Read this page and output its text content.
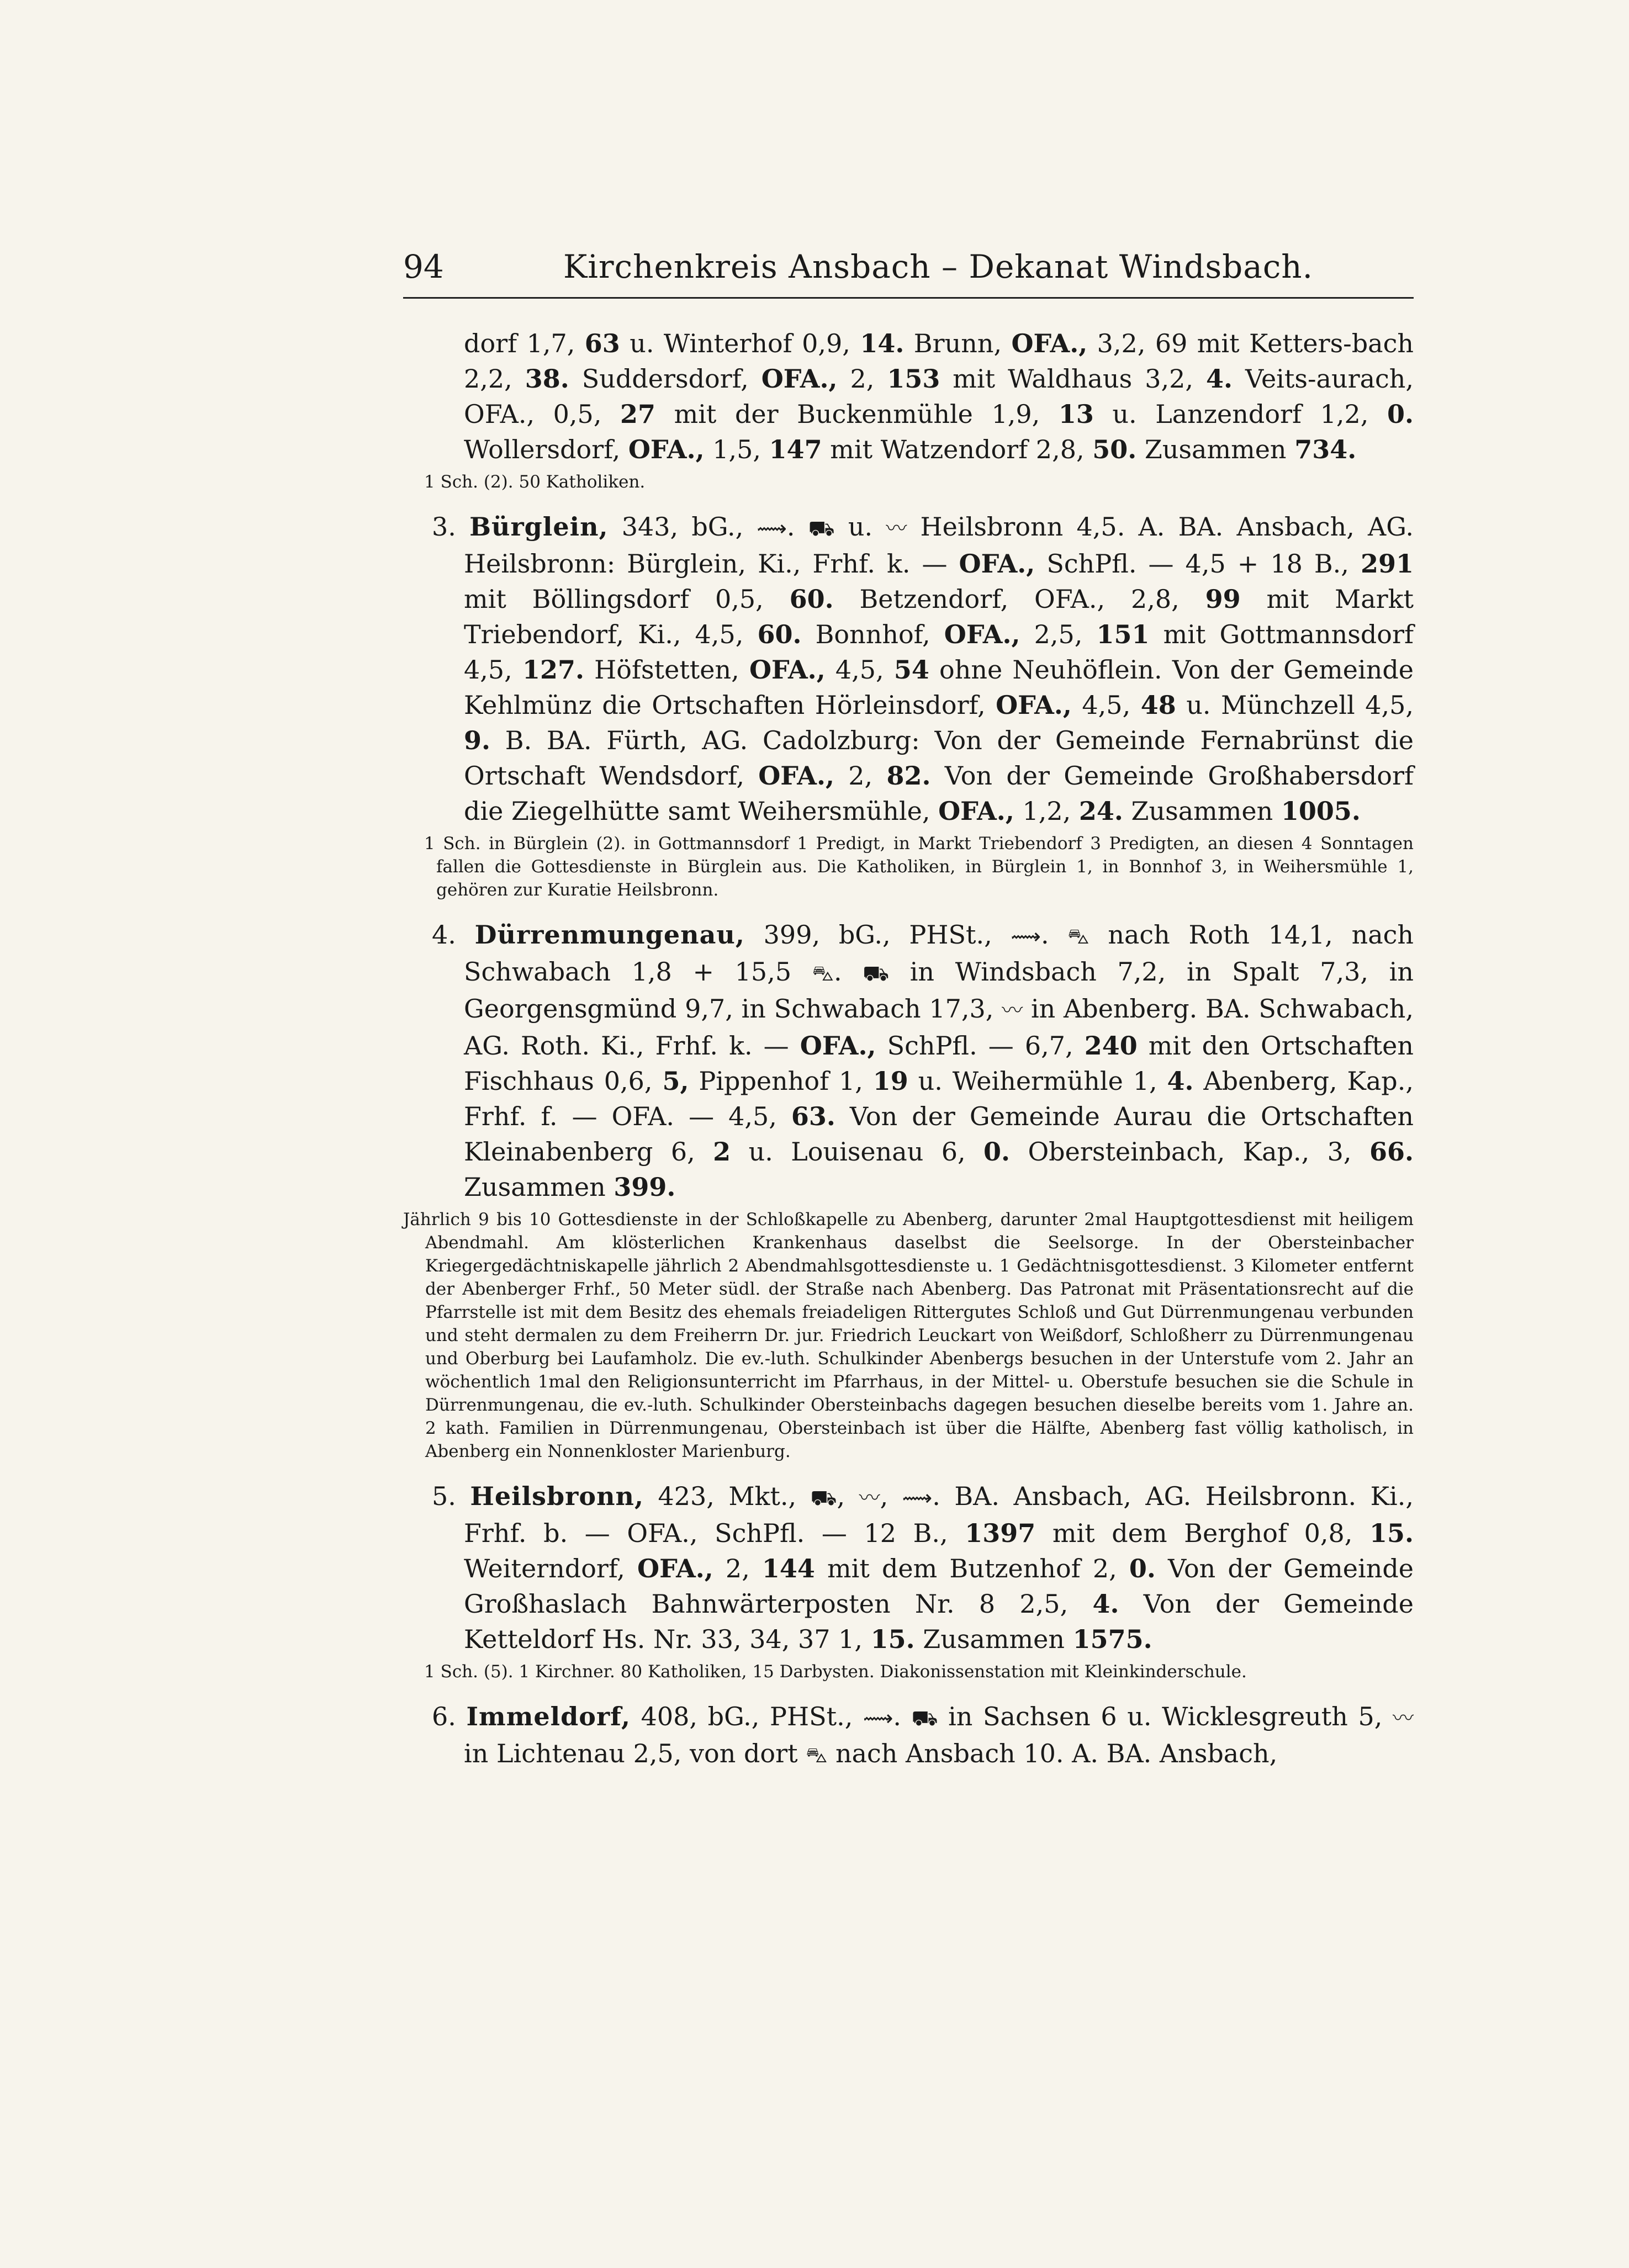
94	Kirchenkreis Ansbach – Dekanat Windsbach.

dorf 1,7, 63 u. Winterhof 0,9, 14. Brunn, OFA., 3,2, 69 mit Ketters-bach 2,2, 38. Suddersdorf, OFA., 2, 153 mit Waldhaus 3,2, 4. Veits-aurach, OFA., 0,5, 27 mit der Buckenmühle 1,9, 13 u. Lanzendorf 1,2, 0. Wollersdorf, OFA., 1,5, 147 mit Watzendorf 2,8, 50. Zusammen 734.

1 Sch. (2). 50 Katholiken.

3. Bürglein, 343, bG., ⟿. ⛟ u. 〰 Heilsbronn 4,5. A. BA. Ansbach, AG. Heilsbronn: Bürglein, Ki., Frhf. k. — OFA., SchPfl. — 4,5 + 18 B., 291 mit Böllingsdorf 0,5, 60. Betzendorf, OFA., 2,8, 99 mit Markt Triebendorf, Ki., 4,5, 60. Bonnhof, OFA., 2,5, 151 mit Gottmannsdorf 4,5, 127. Höfstetten, OFA., 4,5, 54 ohne Neuhöflein. Von der Gemeinde Kehlmünz die Ortschaften Hörleinsdorf, OFA., 4,5, 48 u. Münchzell 4,5, 9. B. BA. Fürth, AG. Cadolzburg: Von der Gemeinde Fernabrünst die Ortschaft Wendsdorf, OFA., 2, 82. Von der Gemeinde Großhabersdorf die Ziegelhütte samt Weihersmühle, OFA., 1,2, 24. Zusammen 1005.

1 Sch. in Bürglein (2). in Gottmannsdorf 1 Predigt, in Markt Triebendorf 3 Predigten, an diesen 4 Sonntagen fallen die Gottesdienste in Bürglein aus. Die Katholiken, in Bürglein 1, in Bonnhof 3, in Weihersmühle 1, gehören zur Kuratie Heilsbronn.

4. Dürrenmungenau, 399, bG., PHSt., ⟿. ⛍ nach Roth 14,1, nach Schwabach 1,8 + 15,5 ⛍. ⛟ in Windsbach 7,2, in Spalt 7,3, in Georgensgmünd 9,7, in Schwabach 17,3, 〰 in Abenberg. BA. Schwabach, AG. Roth. Ki., Frhf. k. — OFA., SchPfl. — 6,7, 240 mit den Ortschaften Fischhaus 0,6, 5, Pippenhof 1, 19 u. Weihermühle 1, 4. Abenberg, Kap., Frhf. f. — OFA. — 4,5, 63. Von der Gemeinde Aurau die Ortschaften Kleinabenberg 6, 2 u. Louisenau 6, 0. Obersteinbach, Kap., 3, 66. Zusammen 399.

Jährlich 9 bis 10 Gottesdienste in der Schloßkapelle zu Abenberg, darunter 2mal Hauptgottesdienst mit heiligem Abendmahl. Am klösterlichen Krankenhaus daselbst die Seelsorge. In der Obersteinbacher Kriegergedächtniskapelle jährlich 2 Abendmahlsgottesdienste u. 1 Gedächtnisgottesdienst. 3 Kilometer entfernt der Abenberger Frhf., 50 Meter südl. der Straße nach Abenberg. Das Patronat mit Präsentationsrecht auf die Pfarrstelle ist mit dem Besitz des ehemals freiadeligen Rittergutes Schloß und Gut Dürrenmungenau verbunden und steht dermalen zu dem Freiherrn Dr. jur. Friedrich Leuckart von Weißdorf, Schloßherr zu Dürrenmungenau und Oberburg bei Laufamholz. Die ev.-luth. Schulkinder Abenbergs besuchen in der Unterstufe vom 2. Jahr an wöchentlich 1mal den Religionsunterricht im Pfarrhaus, in der Mittel- u. Oberstufe besuchen sie die Schule in Dürrenmungenau, die ev.-luth. Schulkinder Obersteinbachs dagegen besuchen dieselbe bereits vom 1. Jahre an. 2 kath. Familien in Dürrenmungenau, Obersteinbach ist über die Hälfte, Abenberg fast völlig katholisch, in Abenberg ein Nonnenkloster Marienburg.

5. Heilsbronn, 423, Mkt., ⛟, 〰, ⟿. BA. Ansbach, AG. Heilsbronn. Ki., Frhf. b. — OFA., SchPfl. — 12 B., 1397 mit dem Berghof 0,8, 15. Weiterndorf, OFA., 2, 144 mit dem Butzenhof 2, 0. Von der Gemeinde Großhaslach Bahnwärterposten Nr. 8 2,5, 4. Von der Gemeinde Ketteldorf Hs. Nr. 33, 34, 37 1, 15. Zusammen 1575.

1 Sch. (5). 1 Kirchner. 80 Katholiken, 15 Darbysten. Diakonissenstation mit Kleinkinderschule.

6. Immeldorf, 408, bG., PHSt., ⟿. ⛟ in Sachsen 6 u. Wicklesgreuth 5, 〰 in Lichtenau 2,5, von dort ⛍ nach Ansbach 10. A. BA. Ansbach,
